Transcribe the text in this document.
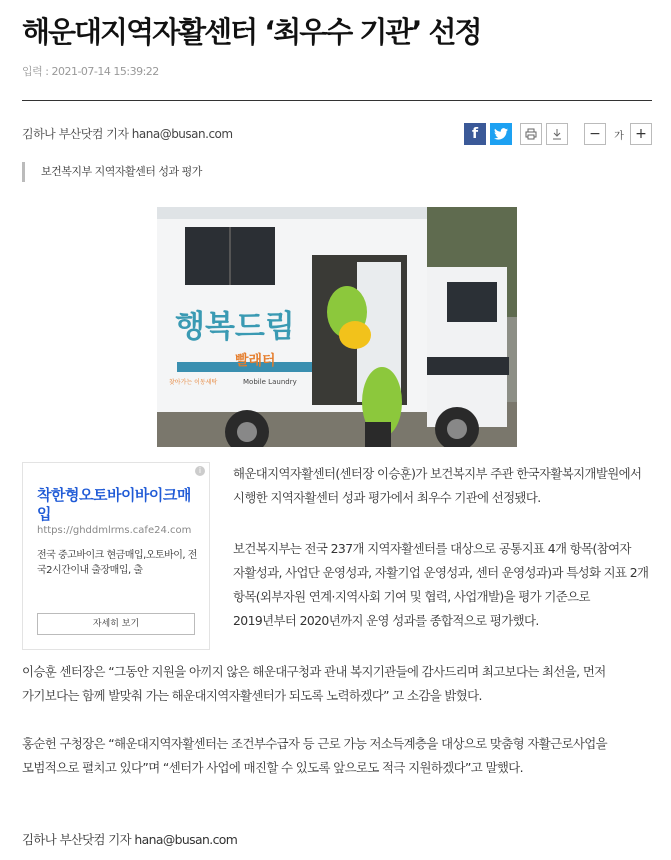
해운대지역자활센터 ‘최우수 기관’ 선정
입력 : 2021-07-14 15:39:22
김하나 부산닷컴 기자 hana@busan.com	f	−	가 +
보건복지부 지역자활센터 성과 평가
행복드림
빨래터
찾아가는 이동세탁	Mobile Laundry
i
착한형오토바이바이크매입
https://ghddmlrms.cafe24.com
전국 중고바이크 현금매입,오토바이, 전국2시간이내 출장매입, 출
자세히 보기

해운대지역자활센터(센터장 이승훈)가 보건복지부 주관 한국자활복지개발원에서 시행한 지역자활센터 성과 평가에서 최우수 기관에 선정됐다.

보건복지부는 전국 237개 지역자활센터를 대상으로 공통지표 4개 항목(참여자 자활성과, 사업단 운영성과, 자활기업 운영성과, 센터 운영성과)과 특성화 지표 2개 항목(외부자원 연계·지역사회 기여 및 협력, 사업개발)을 평가 기준으로 2019년부터 2020년까지 운영 성과를 종합적으로 평가했다.

이승훈 센터장은 “그동안 지원을 아끼지 않은 해운대구청과 관내 복지기관들에 감사드리며 최고보다는 최선을, 먼저 가기보다는 함께 발맞춰 가는 해운대지역자활센터가 되도록 노력하겠다” 고 소감을 밝혔다.

홍순헌 구청장은 “해운대지역자활센터는 조건부수급자 등 근로 가능 저소득계층을 대상으로 맞춤형 자활근로사업을 모범적으로 펼치고 있다”며 “센터가 사업에 매진할 수 있도록 앞으로도 적극 지원하겠다”고 말했다.

김하나 부산닷컴 기자 hana@busan.com
